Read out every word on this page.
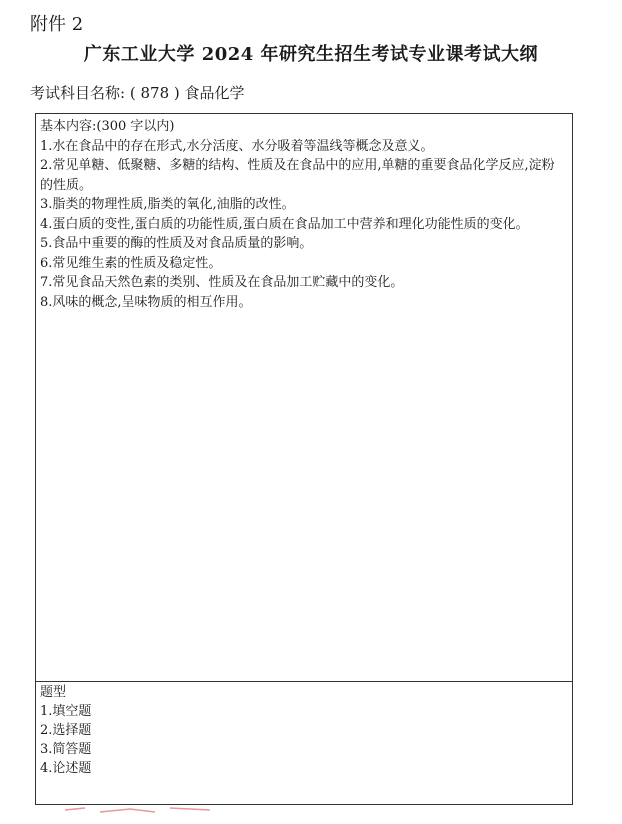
附件 2
广东工业大学 2024 年研究生招生考试专业课考试大纲
考试科目名称: ( 878 ) 食品化学
基本内容:(300 字以内)
1.水在食品中的存在形式,水分活度、水分吸着等温线等概念及意义。
2.常见单糖、低聚糖、多糖的结构、性质及在食品中的应用,单糖的重要食品化学反应,淀粉的性质。
3.脂类的物理性质,脂类的氧化,油脂的改性。
4.蛋白质的变性,蛋白质的功能性质,蛋白质在食品加工中营养和理化功能性质的变化。
5.食品中重要的酶的性质及对食品质量的影响。
6.常见维生素的性质及稳定性。
7.常见食品天然色素的类别、性质及在食品加工贮藏中的变化。
8.风味的概念,呈味物质的相互作用。
题型
1.填空题
2.选择题
3.简答题
4.论述题
